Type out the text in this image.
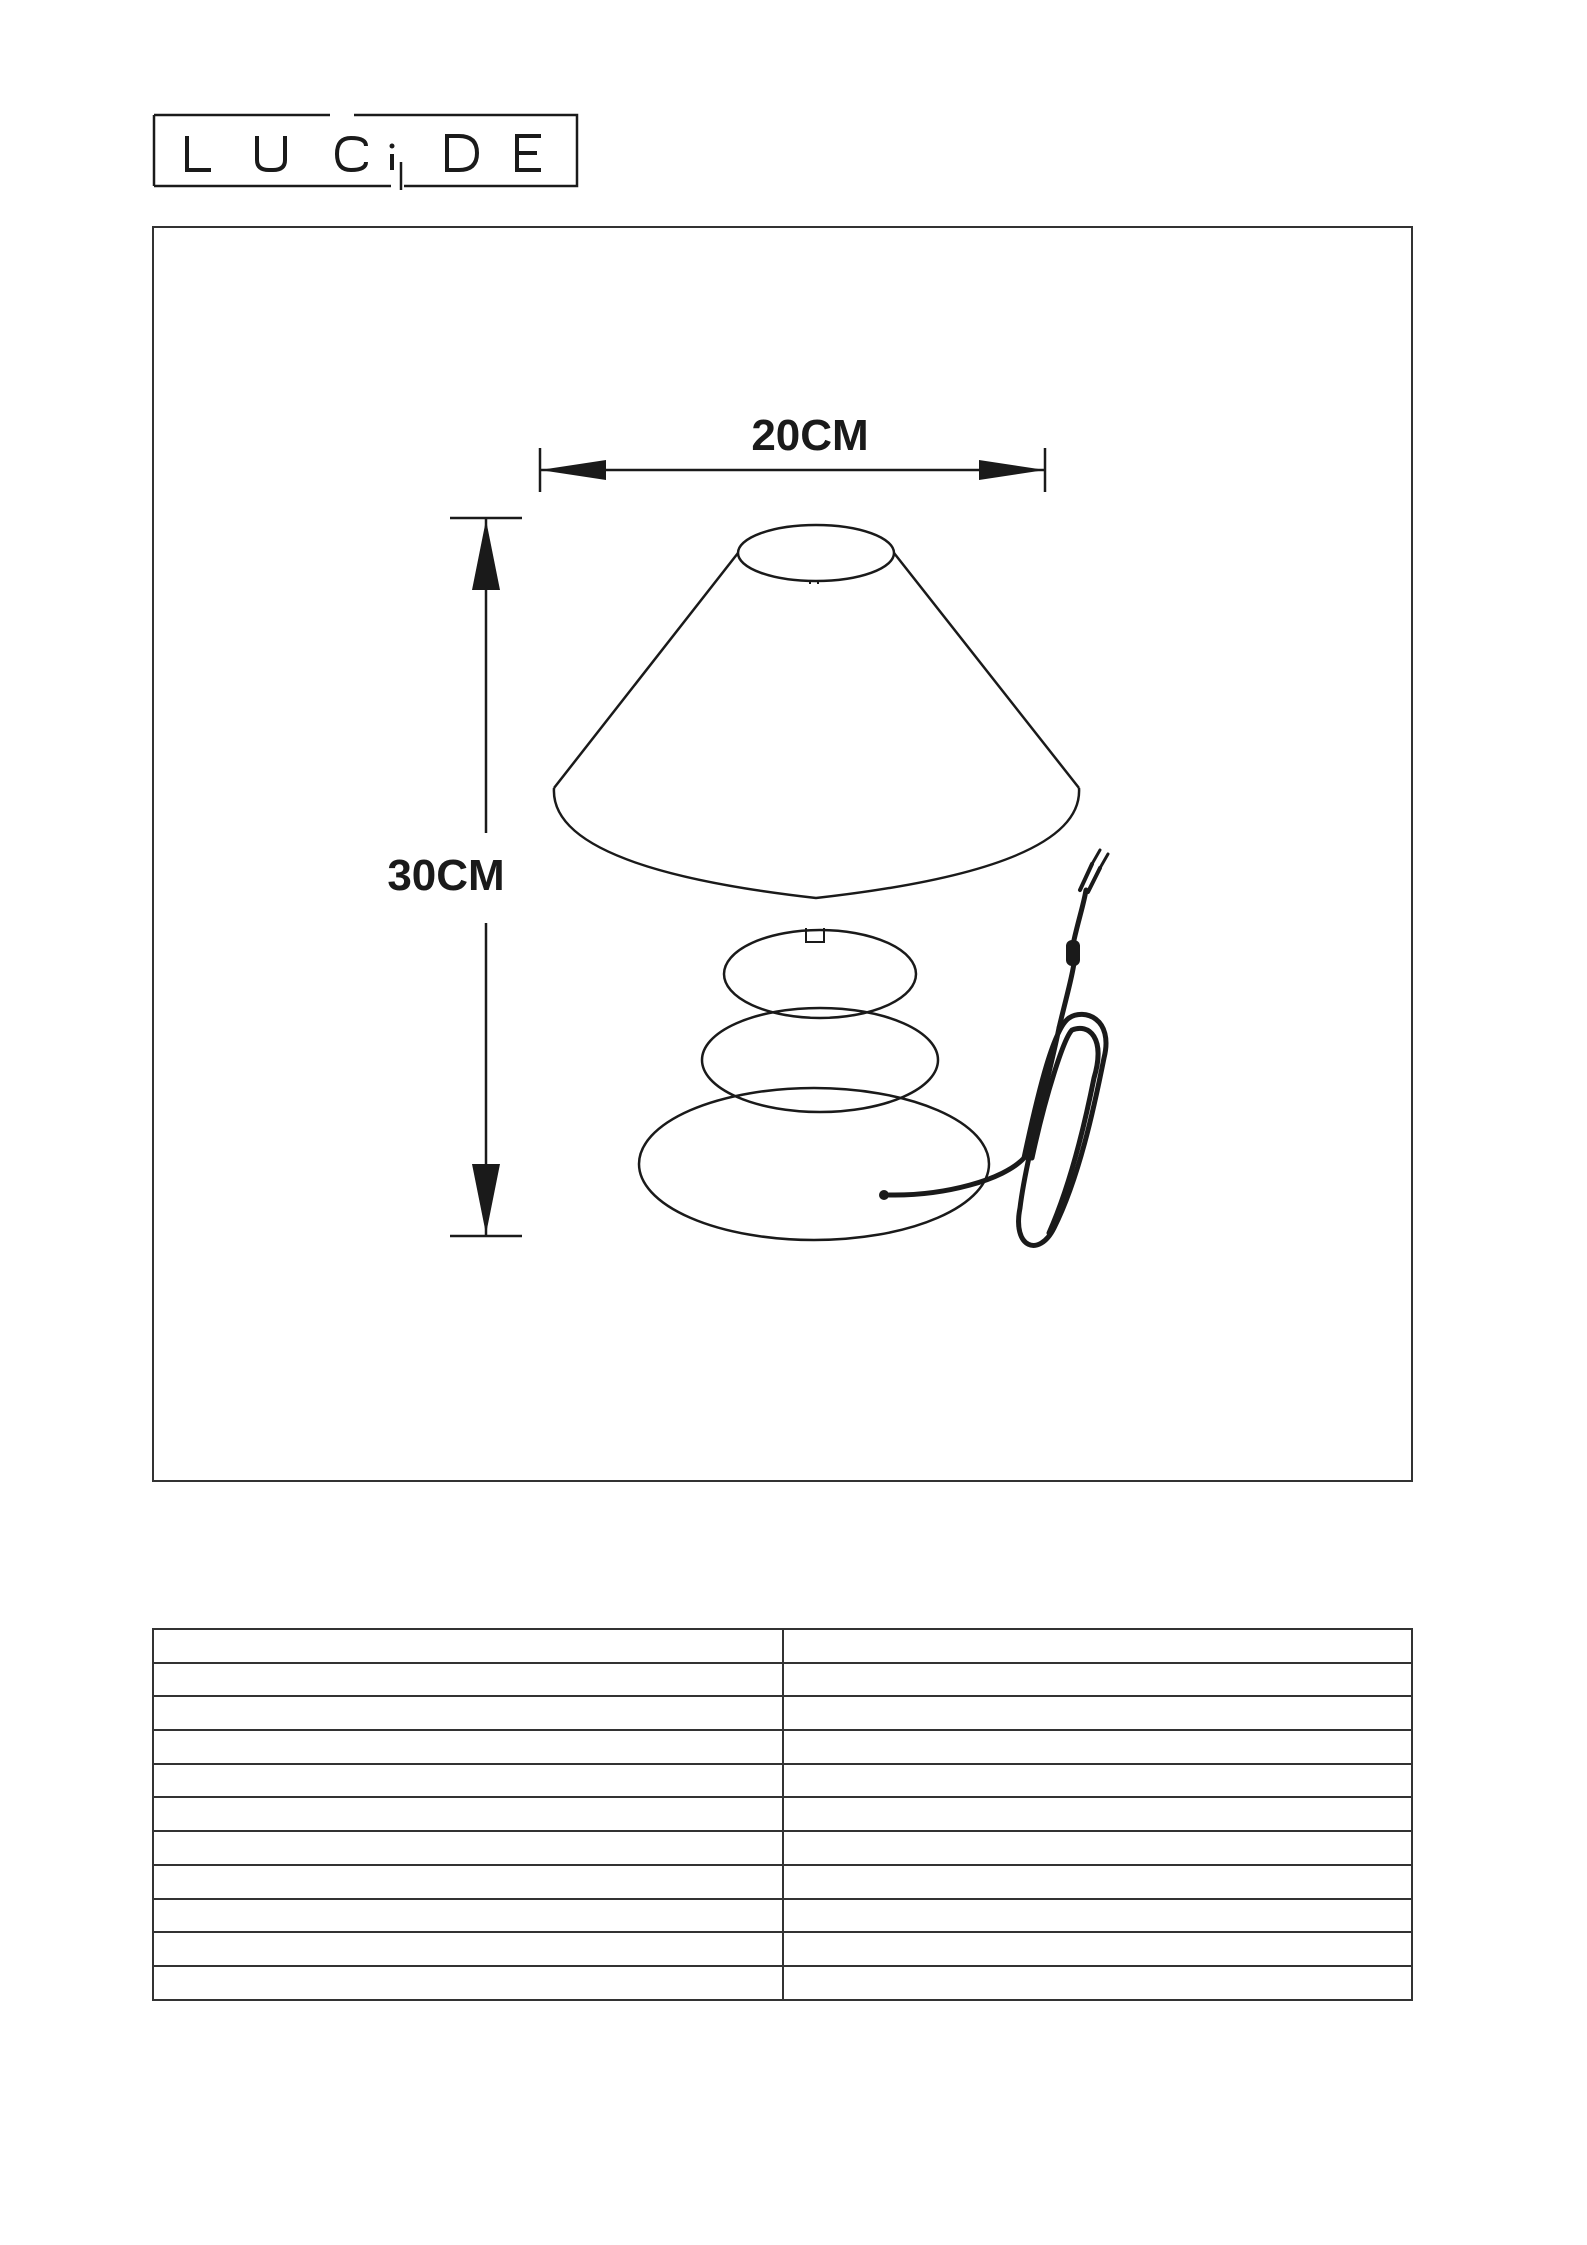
20CM
30CM
